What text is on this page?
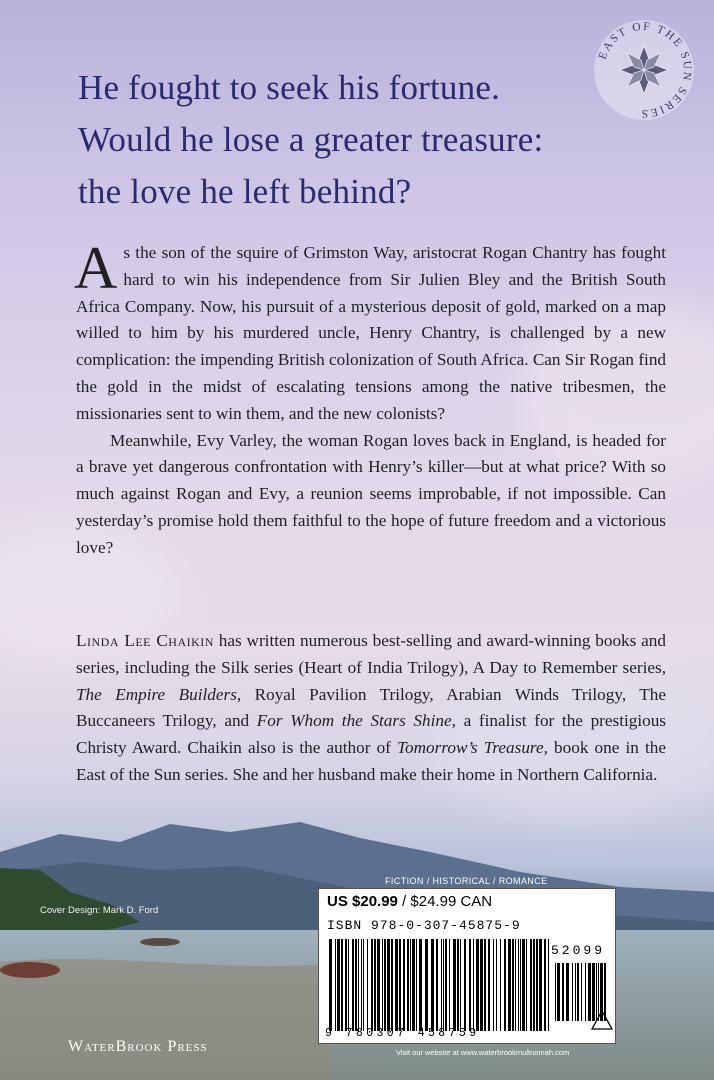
He fought to seek his fortune.
Would he lose a greater treasure:
the love he left behind?
EAST OF THE SUN SERIES

As the son of the squire of Grimston Way, aristocrat Rogan Chantry has fought hard to win his independence from Sir Julien Bley and the British South Africa Company. Now, his pursuit of a mysterious deposit of gold, marked on a map willed to him by his murdered uncle, Henry Chantry, is challenged by a new complication: the impending British colonization of South Africa. Can Sir Rogan find the gold in the midst of escalating tensions among the native tribesmen, the missionaries sent to win them, and the new colonists?

Meanwhile, Evy Varley, the woman Rogan loves back in England, is headed for a brave yet dangerous confrontation with Henry’s killer—but at what price? With so much against Rogan and Evy, a reunion seems improbable, if not impossible. Can yesterday’s promise hold them faithful to the hope of future freedom and a victorious love?

Linda Lee Chaikin has written numerous best-selling and award-winning books and series, including the Silk series (Heart of India Trilogy), A Day to Remember series, The Empire Builders, Royal Pavilion Trilogy, Arabian Winds Trilogy, The Buccaneers Trilogy, and For Whom the Stars Shine, a finalist for the prestigious Christy Award. Chaikin also is the author of Tomorrow’s Treasure, book one in the East of the Sun series. She and her husband make their home in Northern California.

Cover Design: Mark D. Ford
FICTION / HISTORICAL / ROMANCE
US $20.99 / $24.99 CAN
ISBN 978-0-307-45875-9
9 780307 458759
52099
WaterBrook Press	Visit our website at www.waterbrookmultnomah.com
